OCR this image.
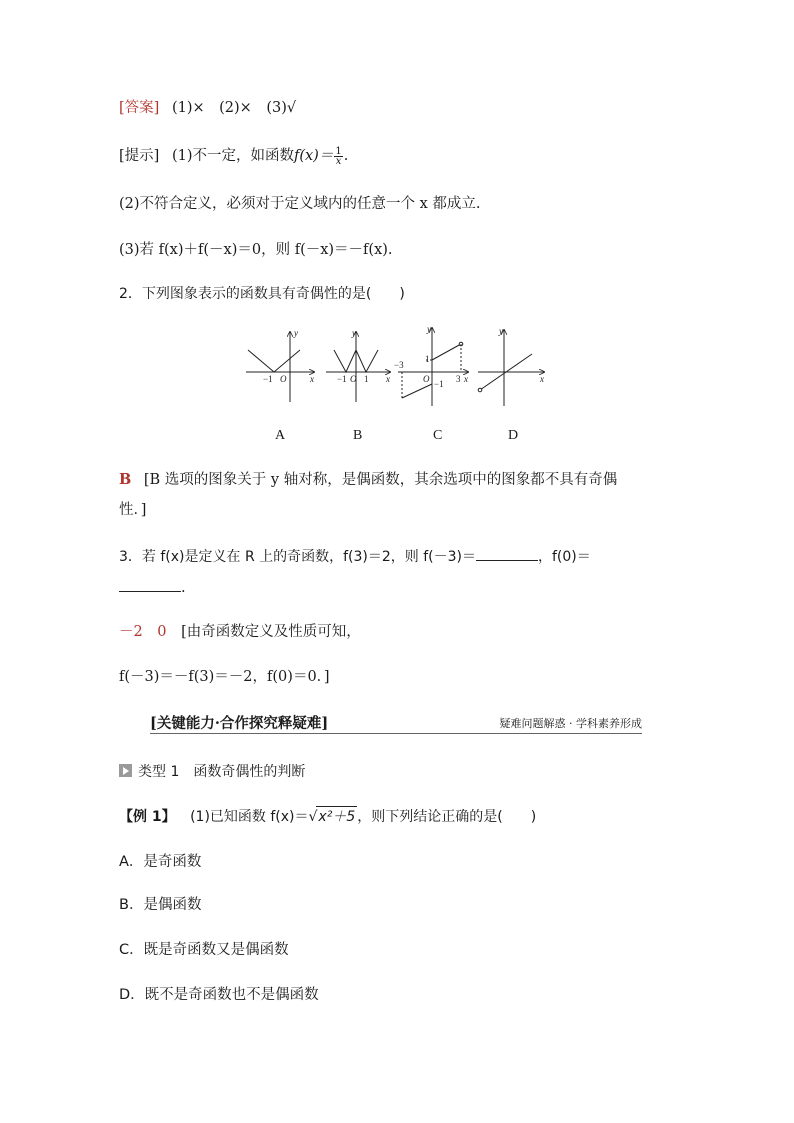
[答案] (1)×　(2)×　(3)√
[提示] (1)不一定，如函数$f(x)= \frac{1}{x}$ .
(2)不符合定义，必须对于定义域内的任意一个 x 都成立.
(3)若 f(x)＋f(－x)＝0，则 f(－x)＝－f(x).
2．下列图象表示的函数具有奇偶性的是(　　)
y
x
O
−1
y
x
−1 O 1
y
x
−3
1
O −1 3
y
x
A	B	C	D
B [B 选项的图象关于 y 轴对称，是偶函数，其余选项中的图象都不具有奇偶
性．]
3．若 f(x)是定义在 R 上的奇函数，f(3)＝2，则 f(－3)＝	，f(0)＝
.
－2　0 [由奇函数定义及性质可知，
f(－3)＝－f(3)＝－2，f(0)＝0．]
[关键能力·合作探究释疑难]	疑难问题解惑 · 学科素养形成
类型 1　函数奇偶性的判断
【例 1】 (1)已知函数 f(x)＝√x²＋5 ，则下列结论正确的是(　　)
A．是奇函数
B．是偶函数
C．既是奇函数又是偶函数
D．既不是奇函数也不是偶函数
